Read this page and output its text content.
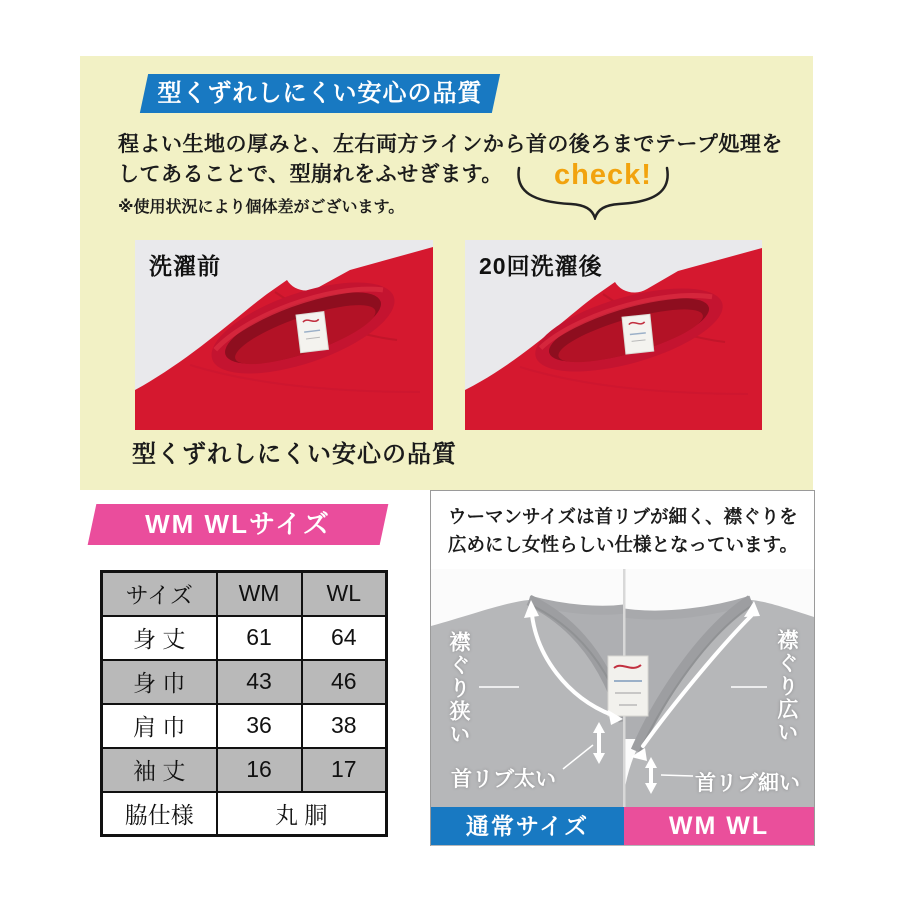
型くずれしにくい安心の品質
程よい生地の厚みと、左右両方ラインから首の後ろまでテープ処理を
してあることで、型崩れをふせぎます。
※使用状況により個体差がございます。
check!
洗濯前	20回洗濯後
型くずれしにくい安心の品質
WM WLサイズ
サイズ	WM	WL
身 丈	61	64
身 巾	43	46
肩 巾	36	38
袖 丈	16	17
脇仕様	丸 胴	
ウーマンサイズは首リブが細く、襟ぐりを
広めにし女性らしい仕様となっています。
襟ぐり狭い	襟ぐり広い
首リブ太い	首リブ細い
通常サイズ	WM WL
